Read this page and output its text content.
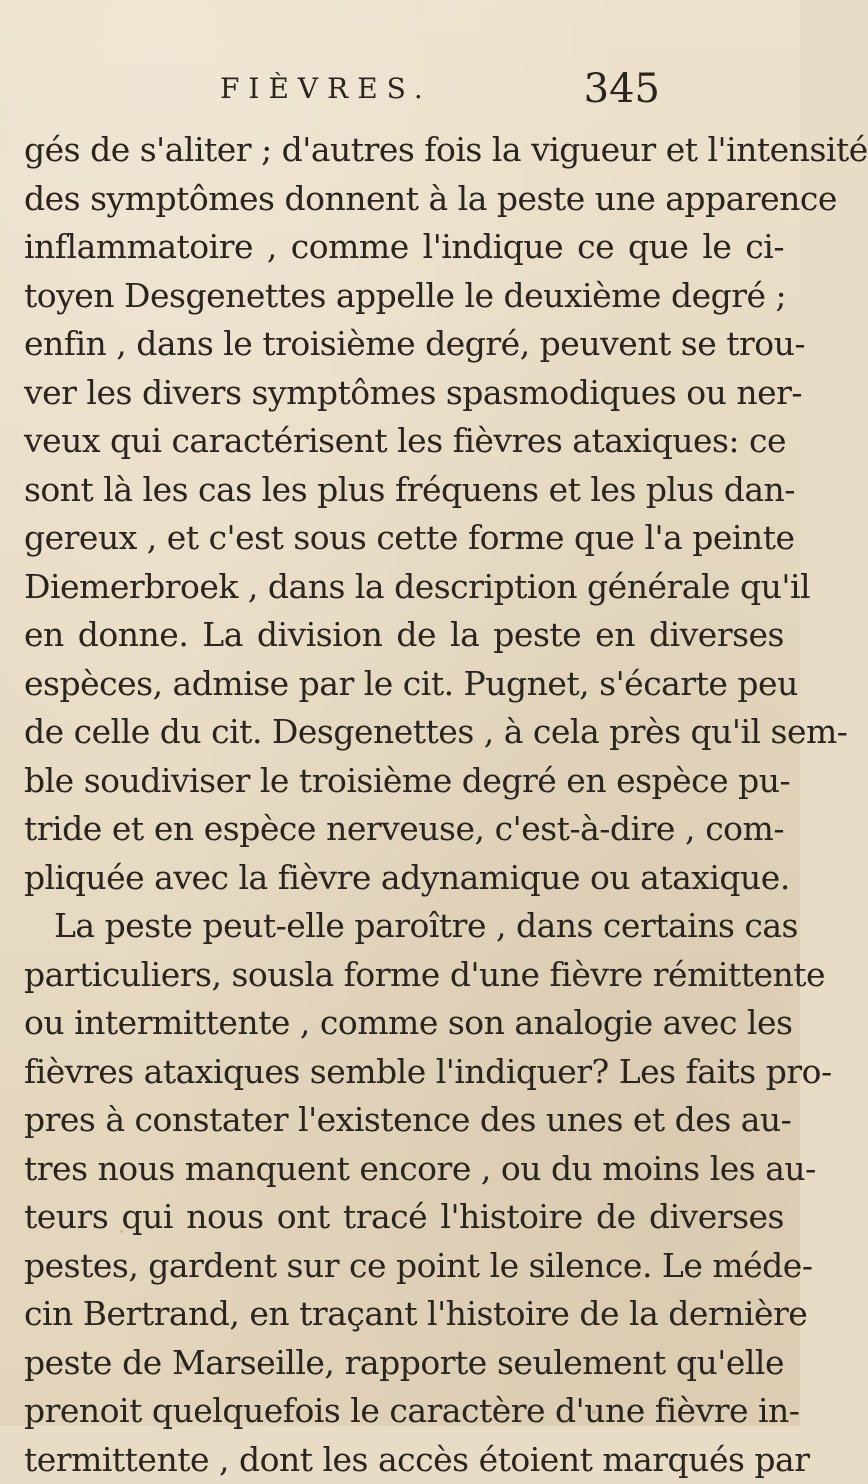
FIÈVRES.	345
gés de s'aliter ; d'autres fois la vigueur et l'intensité
des symptômes donnent à la peste une apparence
inflammatoire , comme l'indique ce que le ci-
toyen Desgenettes appelle le deuxième degré ;
enfin , dans le troisième degré, peuvent se trou-
ver les divers symptômes spasmodiques ou ner-
veux qui caractérisent les fièvres ataxiques: ce
sont là les cas les plus fréquens et les plus dan-
gereux , et c'est sous cette forme que l'a peinte
Diemerbroek , dans la description générale qu'il
en donne. La division de la peste en diverses
espèces, admise par le cit. Pugnet, s'écarte peu
de celle du cit. Desgenettes , à cela près qu'il sem-
ble soudiviser le troisième degré en espèce pu-
tride et en espèce nerveuse, c'est-à-dire , com-
pliquée avec la fièvre adynamique ou ataxique.
La peste peut-elle paroître , dans certains cas
particuliers, sousla forme d'une fièvre rémittente
ou intermittente , comme son analogie avec les
fièvres ataxiques semble l'indiquer? Les faits pro-
pres à constater l'existence des unes et des au-
tres nous manquent encore , ou du moins les au-
teurs qui nous ont tracé l'histoire de diverses
pestes, gardent sur ce point le silence. Le méde-
cin Bertrand, en traçant l'histoire de la dernière
peste de Marseille, rapporte seulement qu'elle
prenoit quelquefois le caractère d'une fièvre in-
termittente , dont les accès étoient marqués par
